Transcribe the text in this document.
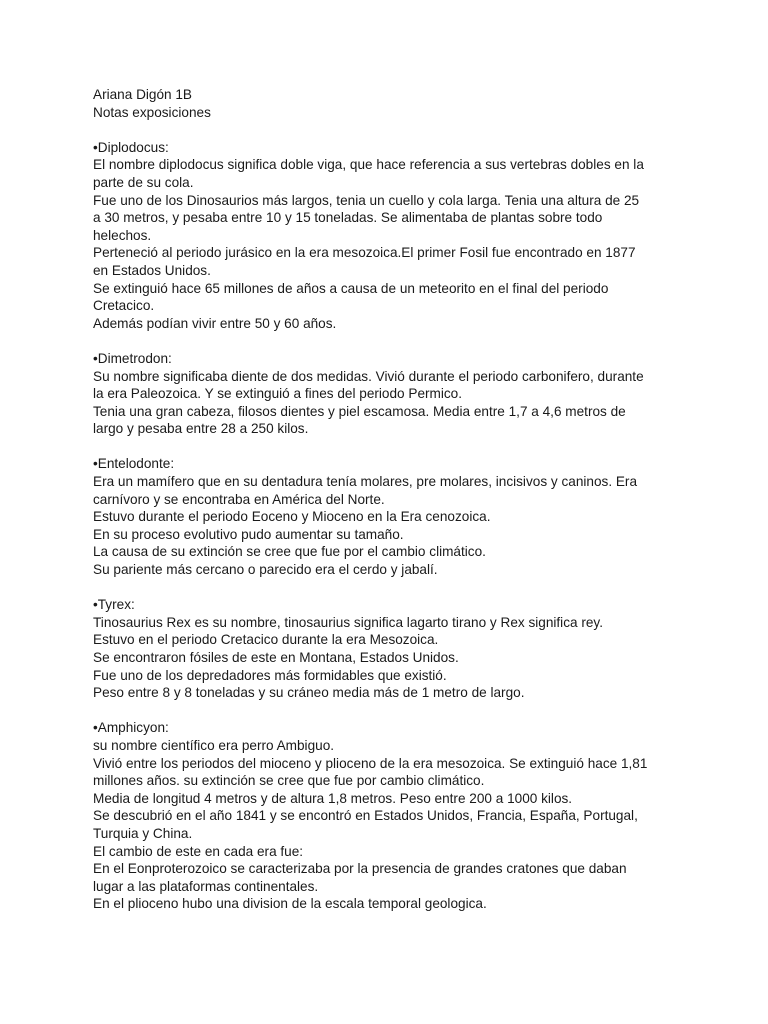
Ariana Digón 1B
Notas exposiciones
•Diplodocus:
El nombre diplodocus significa doble viga, que hace referencia a sus vertebras dobles en la
parte de su cola.
Fue uno de los Dinosaurios más largos, tenia un cuello y cola larga. Tenia una altura de 25
a 30 metros, y pesaba entre 10 y 15 toneladas. Se alimentaba de plantas sobre todo
helechos.
Perteneció al periodo jurásico en la era mesozoica.El primer Fosil fue encontrado en 1877
en Estados Unidos.
Se extinguió hace 65 millones de años a causa de un meteorito en el final del periodo
Cretacico.
Además podían vivir entre 50 y 60 años.
•Dimetrodon:
Su nombre significaba diente de dos medidas. Vivió durante el periodo carbonifero, durante
la era Paleozoica. Y se extinguió a fines del periodo Permico.
Tenia una gran cabeza, filosos dientes y piel escamosa. Media entre 1,7 a 4,6 metros de
largo y pesaba entre 28 a 250 kilos.
•Entelodonte:
Era un mamífero que en su dentadura tenía molares, pre molares, incisivos y caninos. Era
carnívoro y se encontraba en América del Norte.
Estuvo durante el periodo Eoceno y Mioceno en la Era cenozoica.
En su proceso evolutivo pudo aumentar su tamaño.
La causa de su extinción se cree que fue por el cambio climático.
Su pariente más cercano o parecido era el cerdo y jabalí.
•Tyrex:
Tinosaurius Rex es su nombre, tinosaurius significa lagarto tirano y Rex significa rey.
Estuvo en el periodo Cretacico durante la era Mesozoica.
Se encontraron fósiles de este en Montana, Estados Unidos.
Fue uno de los depredadores más formidables que existió.
Peso entre 8 y 8 toneladas y su cráneo media más de 1 metro de largo.
•Amphicyon:
su nombre científico era perro Ambiguo.
Vivió entre los periodos del mioceno y plioceno de la era mesozoica. Se extinguió hace 1,81
millones años. su extinción se cree que fue por cambio climático.
Media de longitud 4 metros y de altura 1,8 metros. Peso entre 200 a 1000 kilos.
Se descubrió en el año 1841 y se encontró en Estados Unidos, Francia, España, Portugal,
Turquia y China.
El cambio de este en cada era fue:
En el Eonproterozoico se caracterizaba por la presencia de grandes cratones que daban
lugar a las plataformas continentales.
En el plioceno hubo una division de la escala temporal geologica.
